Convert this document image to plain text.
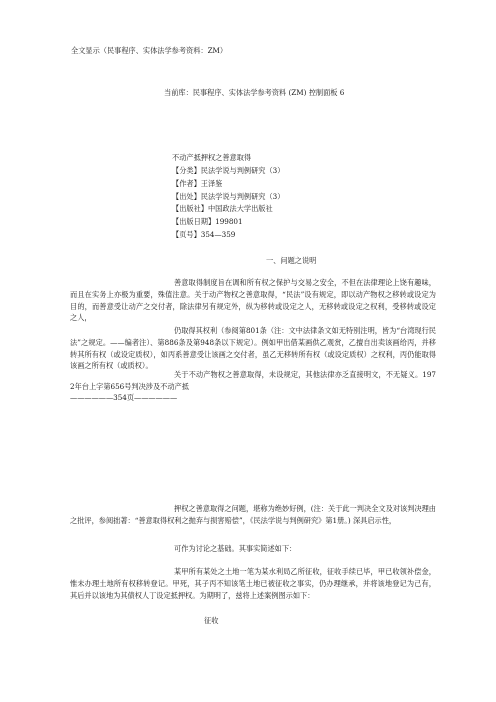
全文显示（民事程序、实体法学参考资料：ZM）
当前库：民事程序、实体法学参考资料 (ZM) 控制面板 6
不动产抵押权之善意取得
【分类】民法学说与判例研究（3）
【作者】王泽鉴
【出处】民法学说与判例研究（3）
【出版社】中国政法大学出版社
【出版日期】199801
【页号】354—359
一、问题之说明
善意取得制度旨在调和所有权之保护与交易之安全，不但在法律理论上饶有趣味，而且在实务上亦极为重要，殊值注意。关于动产物权之善意取得，“民法”设有规定，即以动产物权之移转或设定为目的，而善意受让动产之交付者，除法律另有规定外，纵为移转或设定之人，无移转或设定之权利，受移转或设定之人，
仍取得其权利（参阅第801条（注：文中法律条文如无特别注明，皆为“台湾现行民法”之规定。——编者注）、第886条及第948条以下规定）。例如甲出借某画供乙观赏，乙擅自出卖该画给丙，并移转其所有权（或设定质权），如丙系善意受让该画之交付者，虽乙无移转所有权（或设定质权）之权利，丙仍能取得该画之所有权（或质权）。
关于不动产物权之善意取得，未设规定，其他法律亦乏直接明文，不无疑义。1972年台上字第656号判决涉及不动产抵
——————354页——————
押权之善意取得之问题，堪称为绝妙好例，(注：关于此一判决全文及对该判决理由之批评，参阅拙著：“善意取得权利之抛弃与损害赔偿”，《民法学说与判例研究》第1册。) 深具启示性，
可作为讨论之基础。其事实简述如下：
某甲所有某处之土地一笔为某水利局乙所征收，征收手续已毕，甲已收领补偿金，惟未办理土地所有权移转登记。甲死，其子丙不知该笔土地已被征收之事实，仍办理继承，并将该地登记为己有，其后并以该地为其债权人丁设定抵押权。为期明了，兹将上述案例图示如下：
征收
